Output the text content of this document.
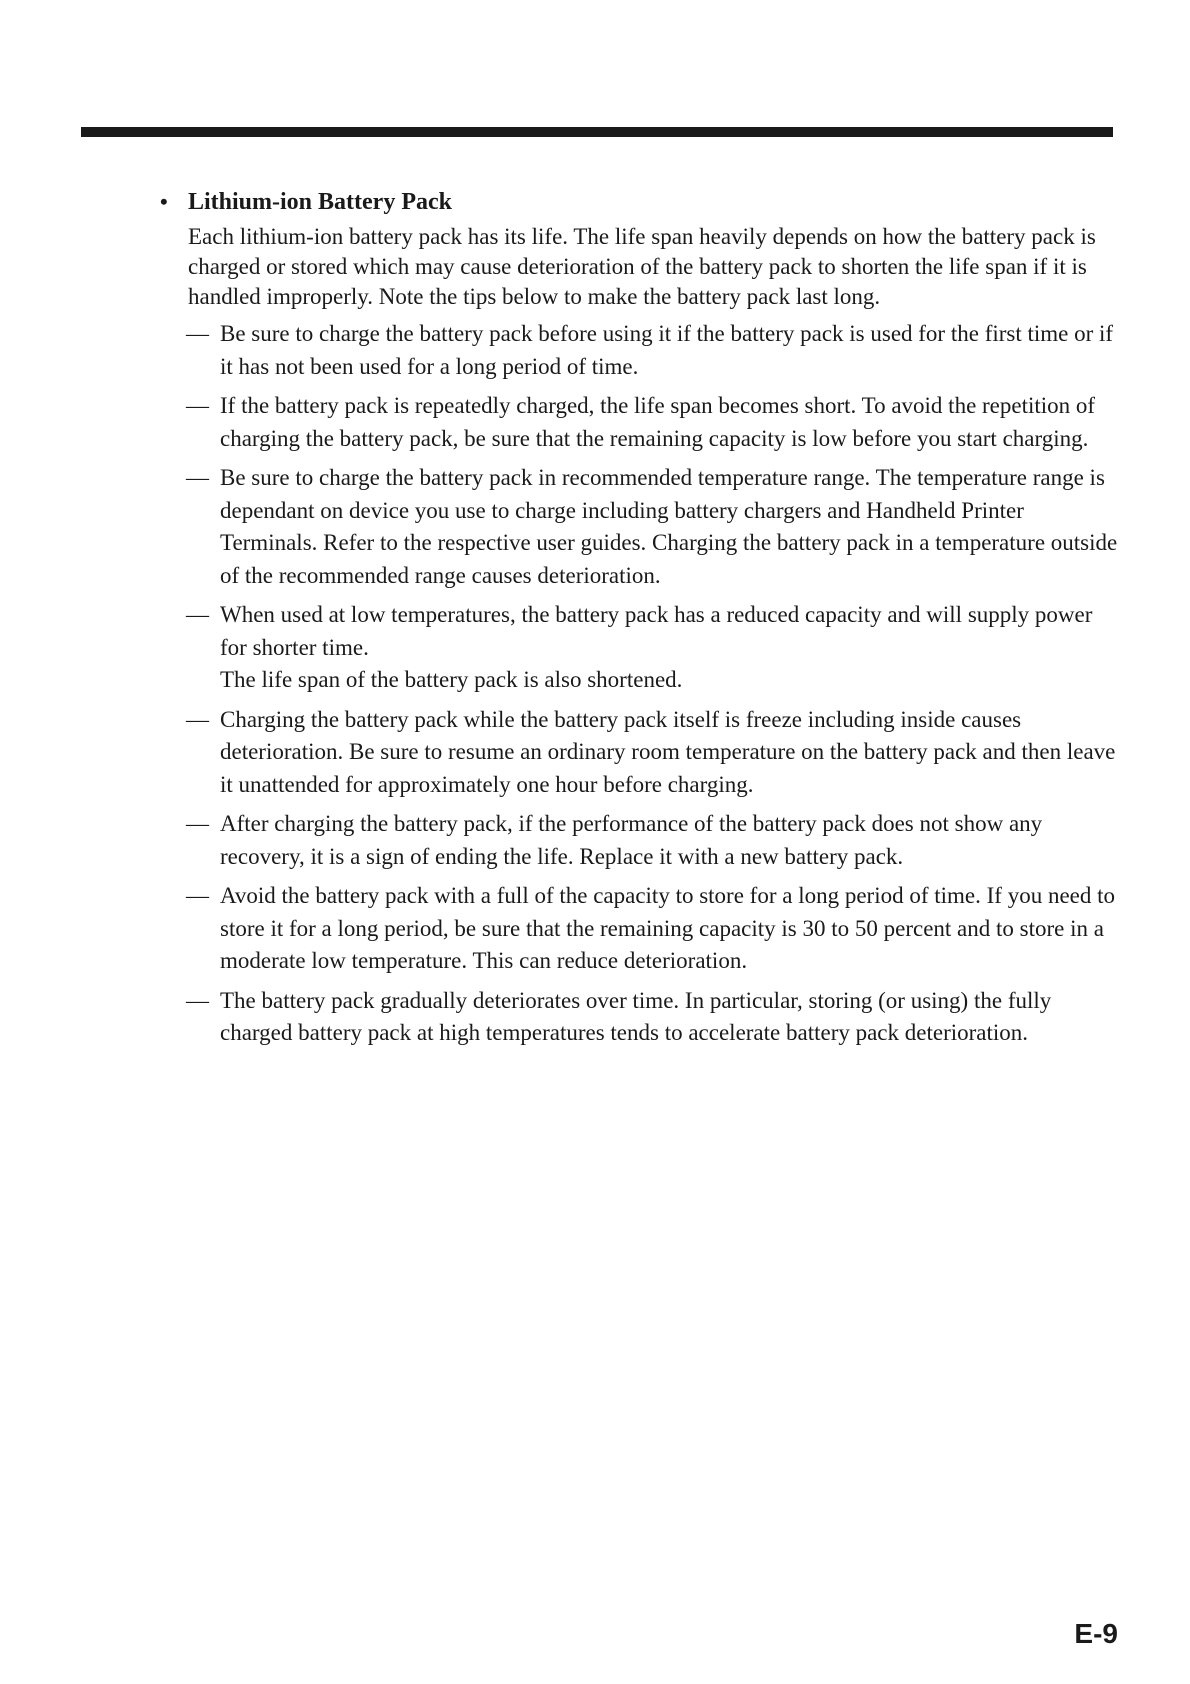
• Lithium-ion Battery Pack

Each lithium-ion battery pack has its life. The life span heavily depends on how the battery pack is charged or stored which may cause deterioration of the battery pack to shorten the life span if it is handled improperly. Note the tips below to make the battery pack last long.

— Be sure to charge the battery pack before using it if the battery pack is used for the first time or if it has not been used for a long period of time.
— If the battery pack is repeatedly charged, the life span becomes short. To avoid the repetition of charging the battery pack, be sure that the remaining capacity is low before you start charging.
— Be sure to charge the battery pack in recommended temperature range. The temperature range is dependant on device you use to charge including battery chargers and Handheld Printer Terminals. Refer to the respective user guides. Charging the battery pack in a temperature outside of the recommended range causes deterioration.
— When used at low temperatures, the battery pack has a reduced capacity and will supply power for shorter time.
The life span of the battery pack is also shortened.
— Charging the battery pack while the battery pack itself is freeze including inside causes deterioration. Be sure to resume an ordinary room temperature on the battery pack and then leave it unattended for approximately one hour before charging.
— After charging the battery pack, if the performance of the battery pack does not show any recovery, it is a sign of ending the life. Replace it with a new battery pack.
— Avoid the battery pack with a full of the capacity to store for a long period of time. If you need to store it for a long period, be sure that the remaining capacity is 30 to 50 percent and to store in a moderate low temperature. This can reduce deterioration.
— The battery pack gradually deteriorates over time. In particular, storing (or using) the fully charged battery pack at high temperatures tends to accelerate battery pack deterioration.
E-9
